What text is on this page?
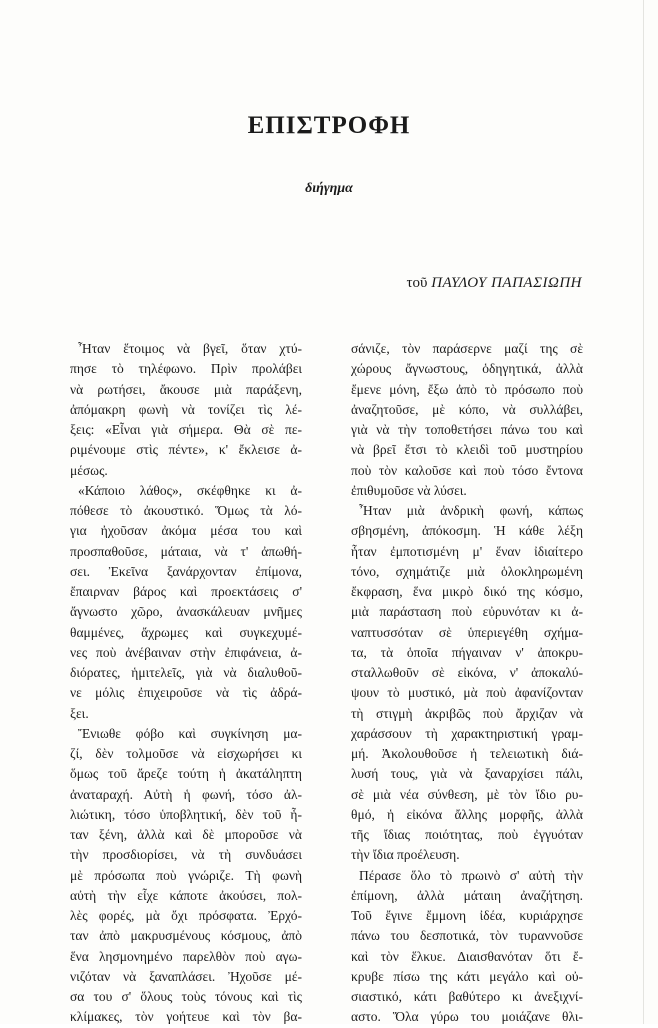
ΕΠΙΣΤΡΟΦΗ
διήγημα
τοῦ ΠΑΥΛΟΥ ΠΑΠΑΣΙΩΠΗ
Ἦταν ἕτοιμος νὰ βγεῖ, ὅταν χτύ-
πησε τὸ τηλέφωνο. Πρὶν προλάβει
νὰ ρωτήσει, ἄκουσε μιὰ παράξενη,
ἀπόμακρη φωνὴ νὰ τονίζει τὶς λέ-
ξεις: «Εἶναι γιὰ σήμερα. Θὰ σὲ πε-
ριμένουμε στὶς πέντε», κ' ἔκλεισε ἀ-
μέσως.
«Κάποιο λάθος», σκέφθηκε κι ἀ-
πόθεσε τὸ ἀκουστικό. Ὅμως τὰ λό-
για ἠχοῦσαν ἀκόμα μέσα του καὶ
προσπαθοῦσε, μάταια, νὰ τ' ἀπωθή-
σει. Ἐκεῖνα ξανάρχονταν ἐπίμονα,
ἔπαιρναν βάρος καὶ προεκτάσεις σ'
ἄγνωστο χῶρο, ἀνασκάλευαν μνῆμες
θαμμένες, ἄχρωμες καὶ συγκεχυμέ-
νες ποὺ ἀνέβαιναν στὴν ἐπιφάνεια, ἀ-
διόρατες, ἡμιτελεῖς, γιὰ νὰ διαλυθοῦ-
νε μόλις ἐπιχειροῦσε νὰ τὶς ἀδρά-
ξει.
Ἔνιωθε φόβο καὶ συγκίνηση μα-
ζί, δὲν τολμοῦσε νὰ εἰσχωρήσει κι
ὅμως τοῦ ἄρεζε τούτη ἡ ἀκατάληπτη
ἀναταραχή. Αὐτὴ ἡ φωνή, τόσο ἀλ-
λιώτικη, τόσο ὑποβλητική, δὲν τοῦ ἦ-
ταν ξένη, ἀλλὰ καὶ δὲ μποροῦσε νὰ
τὴν προσδιορίσει, νὰ τὴ συνδυάσει
μὲ πρόσωπα ποὺ γνώριζε. Τὴ φωνὴ
αὐτὴ τὴν εἶχε κάποτε ἀκούσει, πολ-
λὲς φορές, μὰ ὄχι πρόσφατα. Ἐρχό-
ταν ἀπὸ μακρυσμένους κόσμους, ἀπὸ
ἕνα λησμονημένο παρελθὸν ποὺ αγω-
νιζόταν νὰ ξαναπλάσει. Ἠχοῦσε μέ-
σα του σ' ὅλους τοὺς τόνους καὶ τὶς
κλίμακες, τὸν γοήτευε καὶ τὸν βα-
σάνιζε, τὸν παράσερνε μαζί της σὲ
χώρους ἄγνωστους, ὁδηγητικά, ἀλλὰ
ἔμενε μόνη, ἔξω ἀπὸ τὸ πρόσωπο ποὺ
ἀναζητοῦσε, μὲ κόπο, νὰ συλλάβει,
γιὰ νὰ τὴν τοποθετήσει πάνω του καὶ
νὰ βρεῖ ἔτσι τὸ κλειδὶ τοῦ μυστηρίου
ποὺ τὸν καλοῦσε καὶ ποὺ τόσο ἔντονα
ἐπιθυμοῦσε νὰ λύσει.
Ἦταν μιὰ ἀνδρικὴ φωνή, κάπως
σβησμένη, ἀπόκοσμη. Ἡ κάθε λέξη
ἦταν ἐμποτισμένη μ' ἕναν ἰδιαίτερο
τόνο, σχημάτιζε μιὰ ὁλοκληρωμένη
ἔκφραση, ἕνα μικρὸ δικό της κόσμο,
μιὰ παράσταση ποὺ εὐρυνόταν κι ἀ-
ναπτυσσόταν σὲ ὑπεριεγέθη σχήμα-
τα, τὰ ὁποῖα πήγαιναν ν' ἀποκρυ-
σταλλωθοῦν σὲ εἰκόνα, ν' ἀποκαλύ-
ψουν τὸ μυστικό, μὰ ποὺ ἀφανίζονταν
τὴ στιγμὴ ἀκριβῶς ποὺ ἄρχιζαν νὰ
χαράσσουν τὴ χαρακτηριστική γραμ-
μή. Ἀκολουθοῦσε ἡ τελειωτικὴ διά-
λυσή τους, γιὰ νὰ ξαναρχίσει πάλι,
σὲ μιὰ νέα σύνθεση, μὲ τὸν ἴδιο ρυ-
θμό, ἡ εἰκόνα ἄλλης μορφῆς, ἀλλὰ
τῆς ἴδιας ποιότητας, ποὺ ἐγγυόταν
τὴν ἴδια προέλευση.
Πέρασε ὅλο τὸ πρωινὸ σ' αὐτὴ τὴν
ἐπίμονη, ἀλλὰ μάταιη ἀναζήτηση.
Τοῦ ἔγινε ἔμμονη ἰδέα, κυριάρχησε
πάνω του δεσποτικά, τὸν τυραννοῦσε
καὶ τὸν ἕλκυε. Διαισθανόταν ὅτι ἔ-
κρυβε πίσω της κάτι μεγάλο καὶ οὐ-
σιαστικό, κάτι βαθύτερο κι ἀνεξιχνί-
αστο. Ὅλα γύρω του μοιάζανε θλι-
